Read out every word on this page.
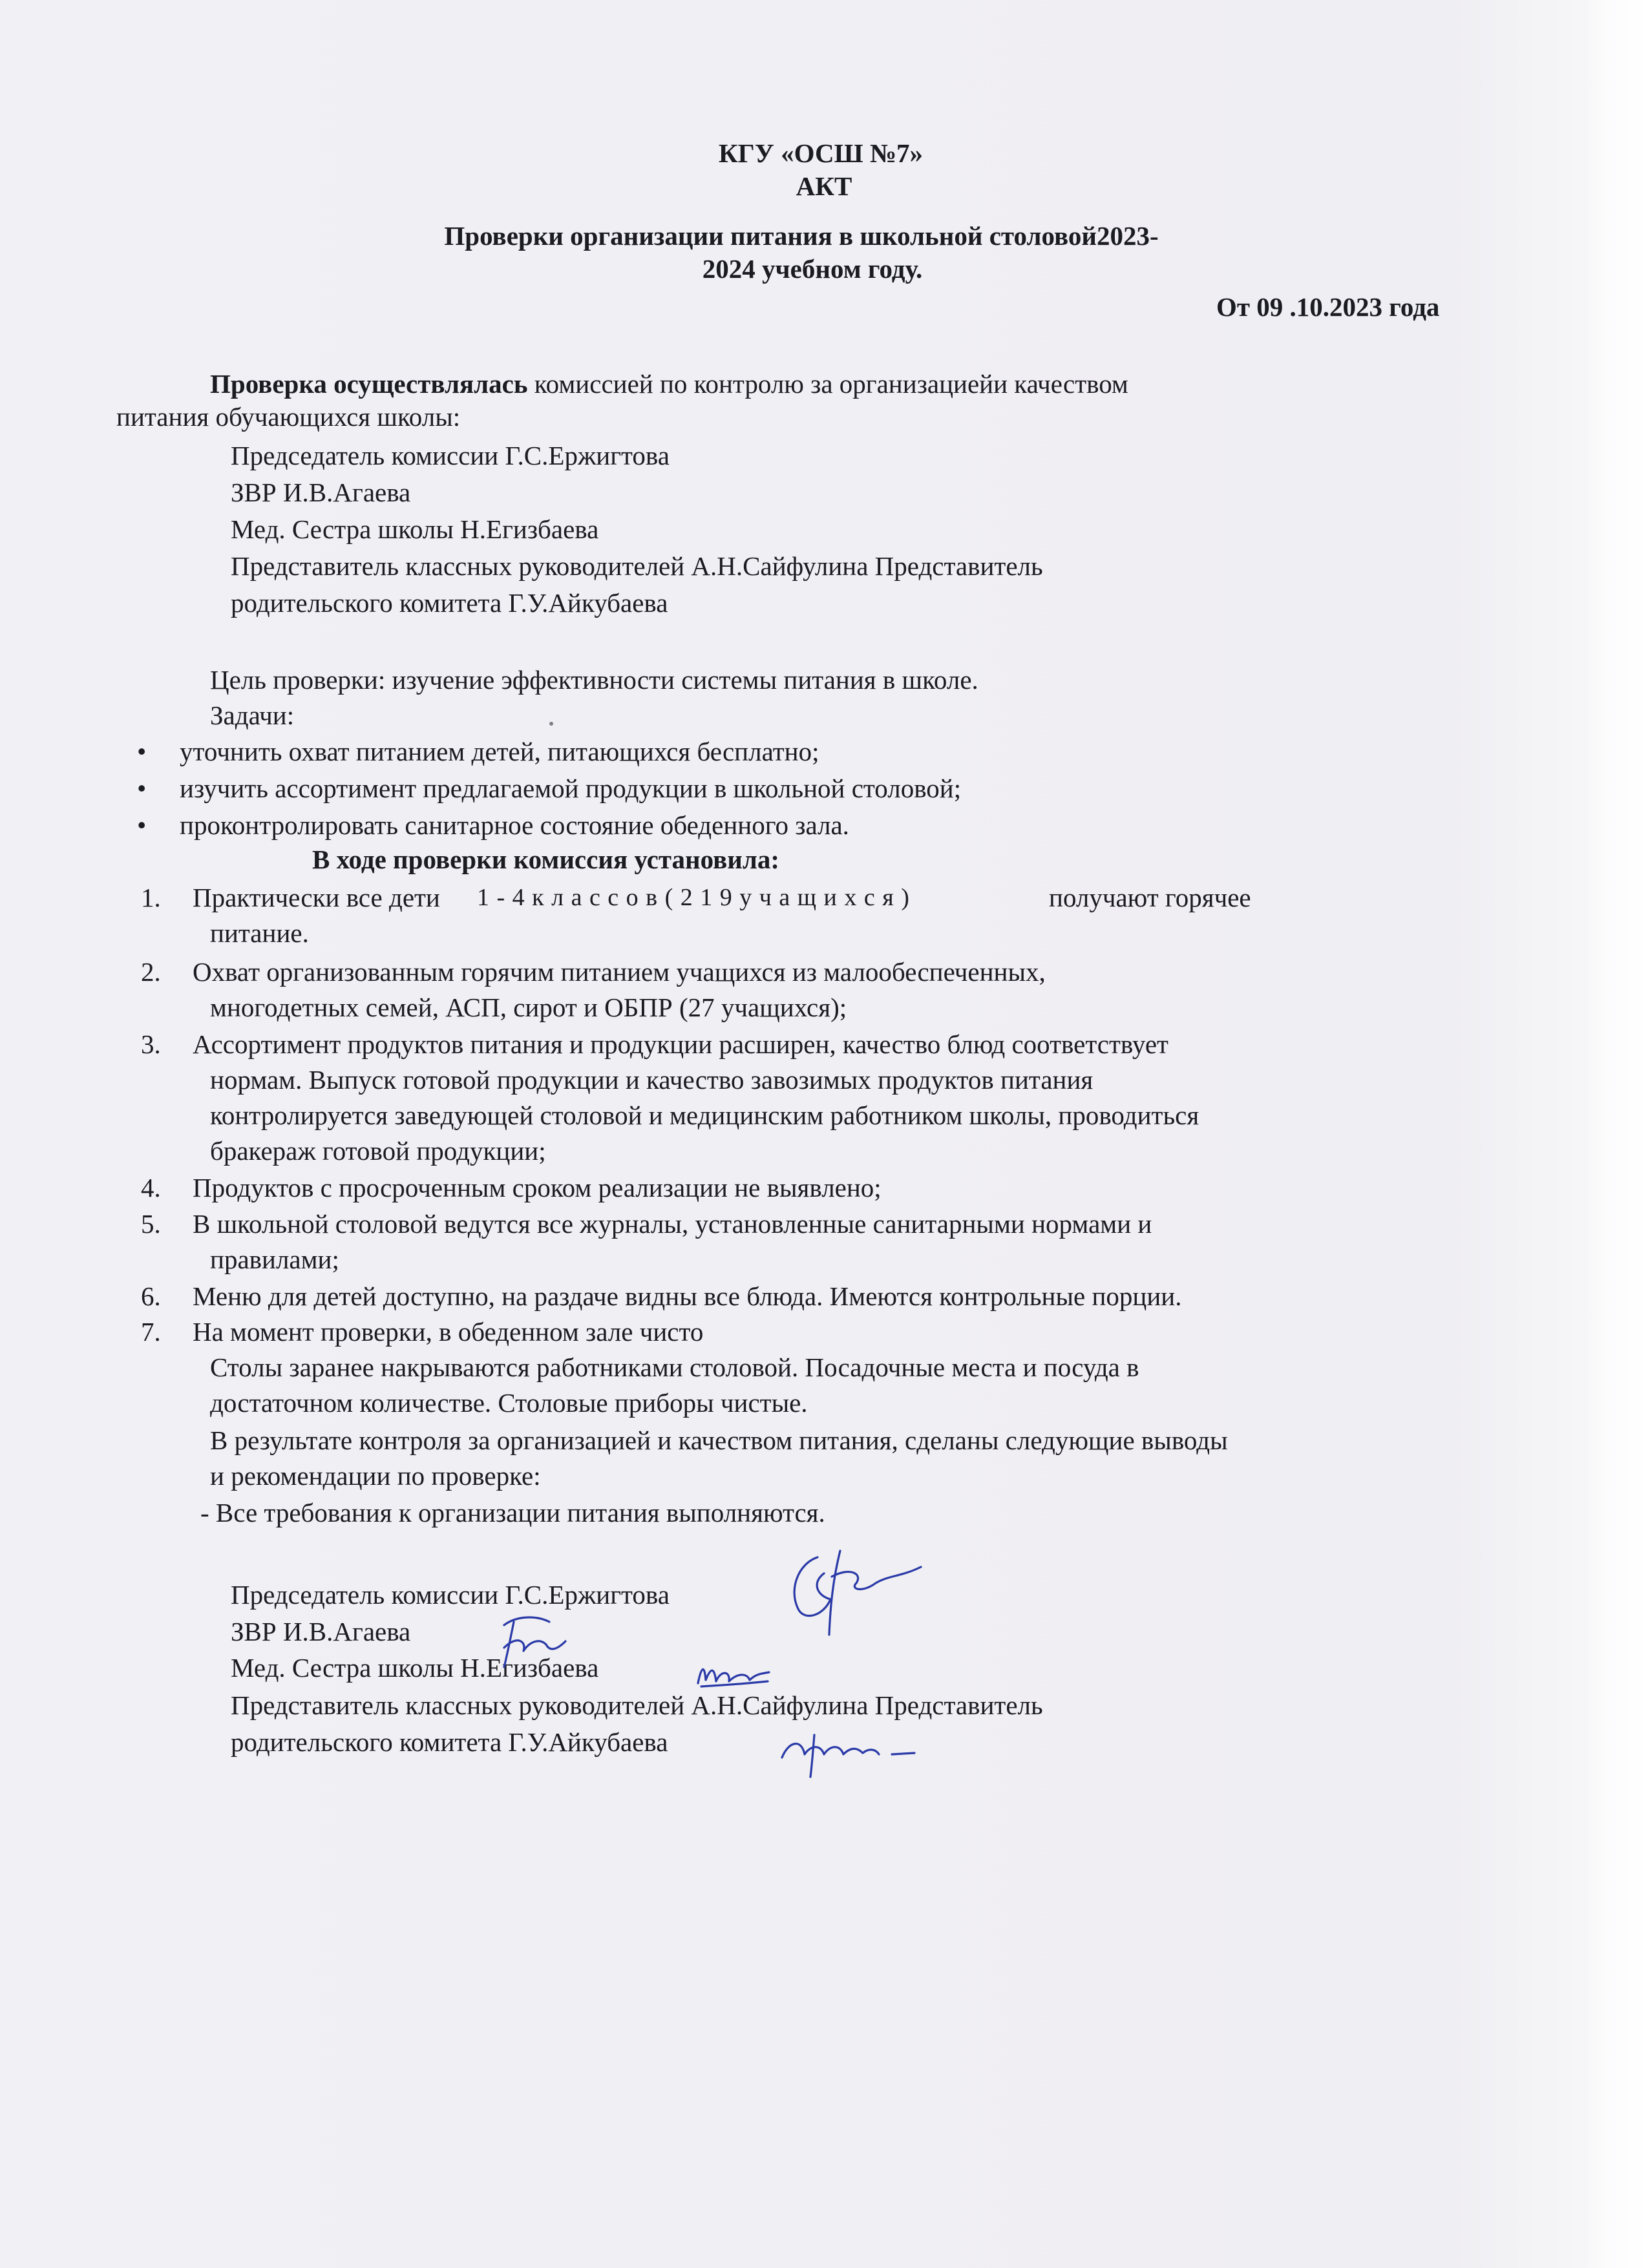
КГУ «ОСШ №7»
АКТ
Проверки организации питания в школьной столовой2023-
2024 учебном году.
От 09 .10.2023 года
Проверка осуществлялась комиссией по контролю за организациейи качеством
питания обучающихся школы:
Председатель комиссии Г.С.Ержигтова
ЗВР И.В.Агаева
Мед. Сестра школы Н.Егизбаева
Представитель классных руководителей А.Н.Сайфулина Представитель
родительского комитета Г.У.Айкубаева
Цель проверки: изучение эффективности системы питания в школе.
Задачи:
• уточнить охват питанием детей, питающихся бесплатно;
• изучить ассортимент предлагаемой продукции в школьной столовой;
• проконтролировать санитарное состояние обеденного зала.
В ходе проверки комиссия установила:
1. Практически все дети 1 - 4 к л а с с о в ( 2 1 9 у ч а щ и х с я )	получают горячее
питание.
2. Охват организованным горячим питанием учащихся из малообеспеченных,
многодетных семей, АСП, сирот и ОБПР (27 учащихся);
3. Ассортимент продуктов питания и продукции расширен, качество блюд соответствует
нормам. Выпуск готовой продукции и качество завозимых продуктов питания
контролируется заведующей столовой и медицинским работником школы, проводиться
бракераж готовой продукции;
4. Продуктов с просроченным сроком реализации не выявлено;
5. В школьной столовой ведутся все журналы, установленные санитарными нормами и
правилами;
6. Меню для детей доступно, на раздаче видны все блюда. Имеются контрольные порции.
7. На момент проверки, в обеденном зале чисто
Столы заранее накрываются работниками столовой. Посадочные места и посуда в
достаточном количестве. Столовые приборы чистые.
В результате контроля за организацией и качеством питания, сделаны следующие выводы
и рекомендации по проверке:
- Все требования к организации питания выполняются.
Председатель комиссии Г.С.Ержигтова
ЗВР И.В.Агаева
Мед. Сестра школы Н.Егизбаева
Представитель классных руководителей А.Н.Сайфулина Представитель
родительского комитета Г.У.Айкубаева
